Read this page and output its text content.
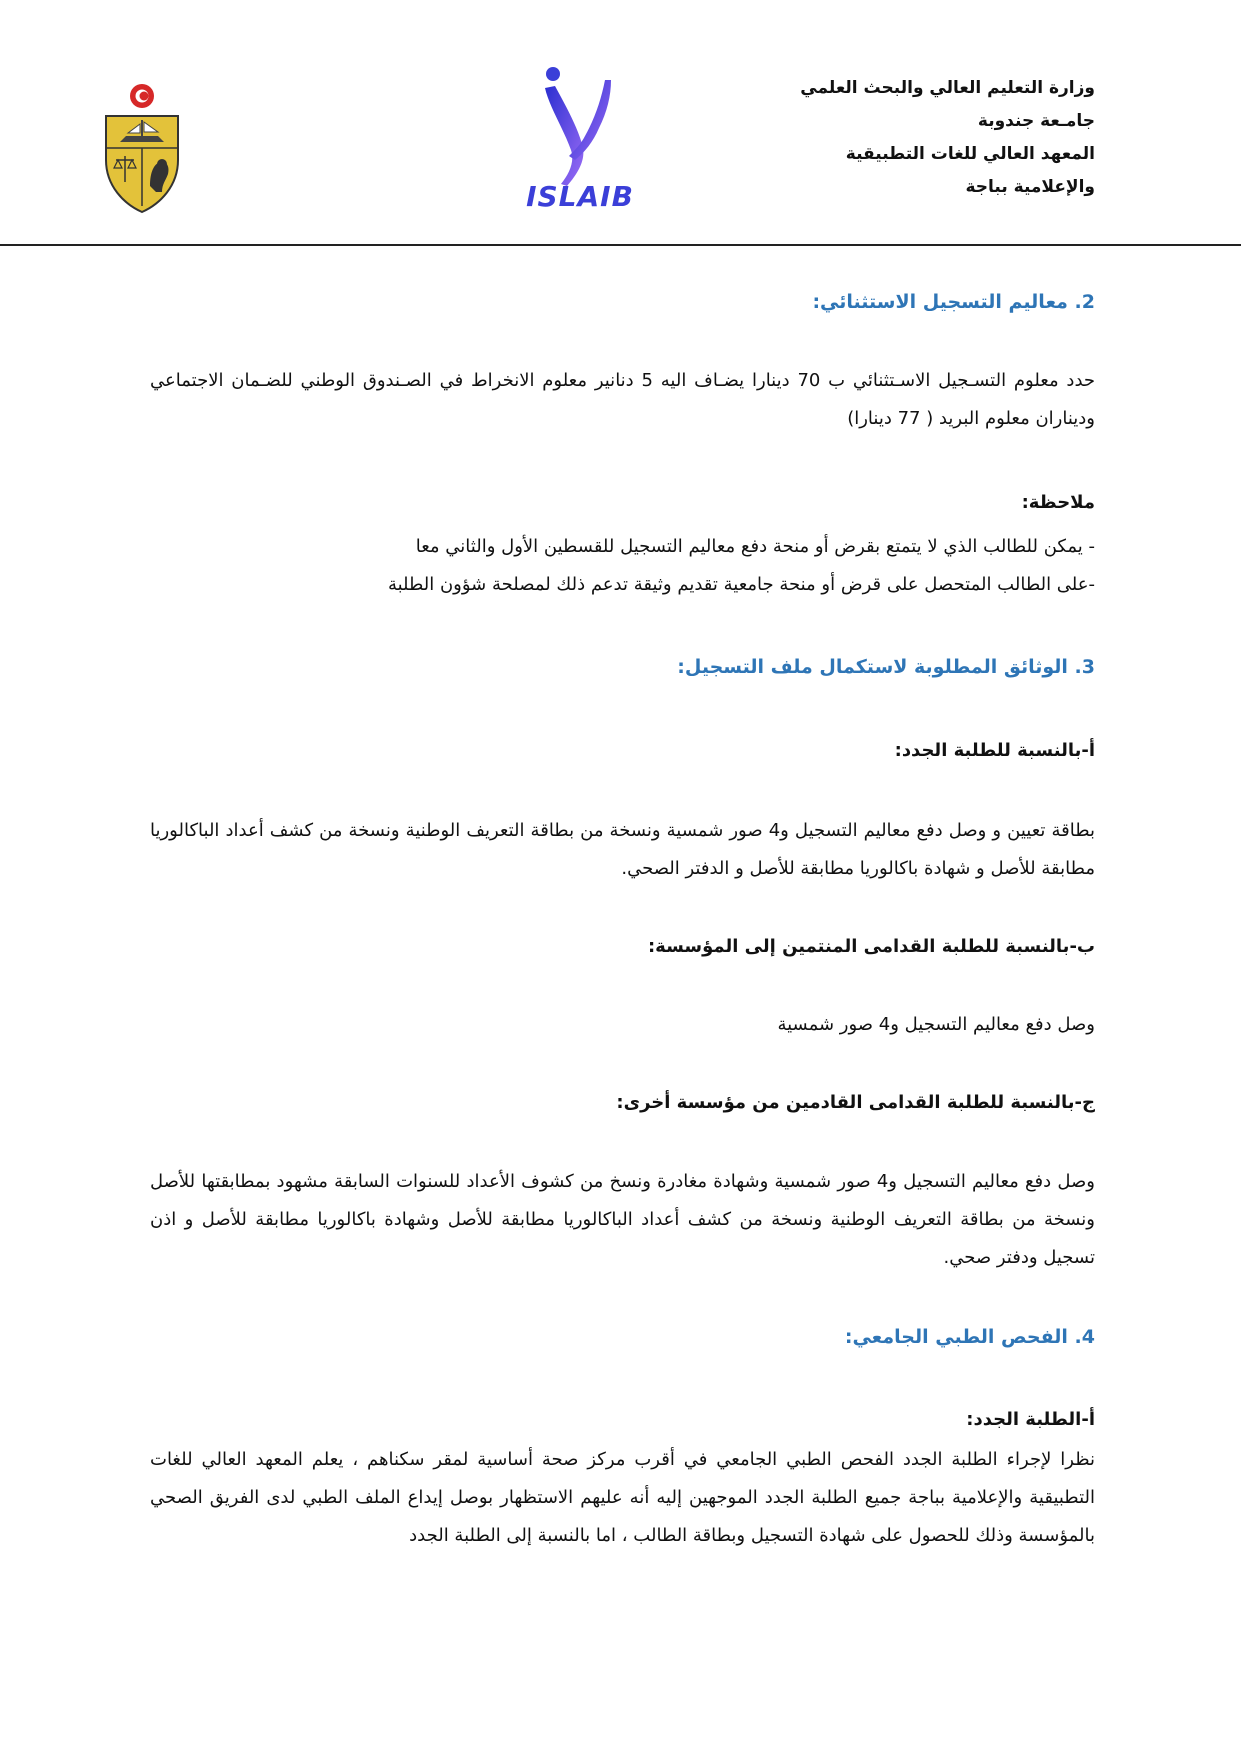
وزارة التعليم العالي والبحث العلمي
جامـعة جندوبة
المعهد العالي للغات التطبيقية
والإعلامية بباجة
ISLAIB
2. معاليم التسجيل الاستثنائي:
حدد معلوم التسـجيل الاسـتثنائي ب 70 دينارا يضـاف اليه 5 دنانير معلوم الانخراط في الصـندوق الوطني للضـمان الاجتماعي وديناران معلوم البريد ( 77 دينارا)
ملاحظة:
- يمكن للطالب الذي لا يتمتع بقرض أو منحة دفع معاليم التسجيل للقسطين الأول والثاني معا
-على الطالب المتحصل على قرض أو منحة جامعية تقديم وثيقة تدعم ذلك لمصلحة شؤون الطلبة
3. الوثائق المطلوبة لاستكمال ملف التسجيل:
أ-بالنسبة للطلبة الجدد:
بطاقة تعيين و وصل دفع معاليم التسجيل و4 صور شمسية ونسخة من بطاقة التعريف الوطنية ونسخة من كشف أعداد الباكالوريا مطابقة للأصل و شهادة باكالوريا مطابقة للأصل و الدفتر الصحي.
ب-بالنسبة للطلبة القدامى المنتمين إلى المؤسسة:
وصل دفع معاليم التسجيل و4 صور شمسية
ج-بالنسبة للطلبة القدامى القادمين من مؤسسة أخرى:
وصل دفع معاليم التسجيل و4 صور شمسية وشهادة مغادرة ونسخ من كشوف الأعداد للسنوات السابقة مشهود بمطابقتها للأصل ونسخة من بطاقة التعريف الوطنية ونسخة من كشف أعداد الباكالوريا مطابقة للأصل وشهادة باكالوريا مطابقة للأصل و اذن تسجيل ودفتر صحي.
4. الفحص الطبي الجامعي:
أ-الطلبة الجدد:
نظرا لإجراء الطلبة الجدد الفحص الطبي الجامعي في أقرب مركز صحة أساسية لمقر سكناهم ، يعلم المعهد العالي للغات التطبيقية والإعلامية بباجة جميع الطلبة الجدد الموجهين إليه أنه عليهم الاستظهار بوصل إيداع الملف الطبي لدى الفريق الصحي بالمؤسسة وذلك للحصول على شهادة التسجيل وبطاقة الطالب ، اما بالنسبة إلى الطلبة الجدد
